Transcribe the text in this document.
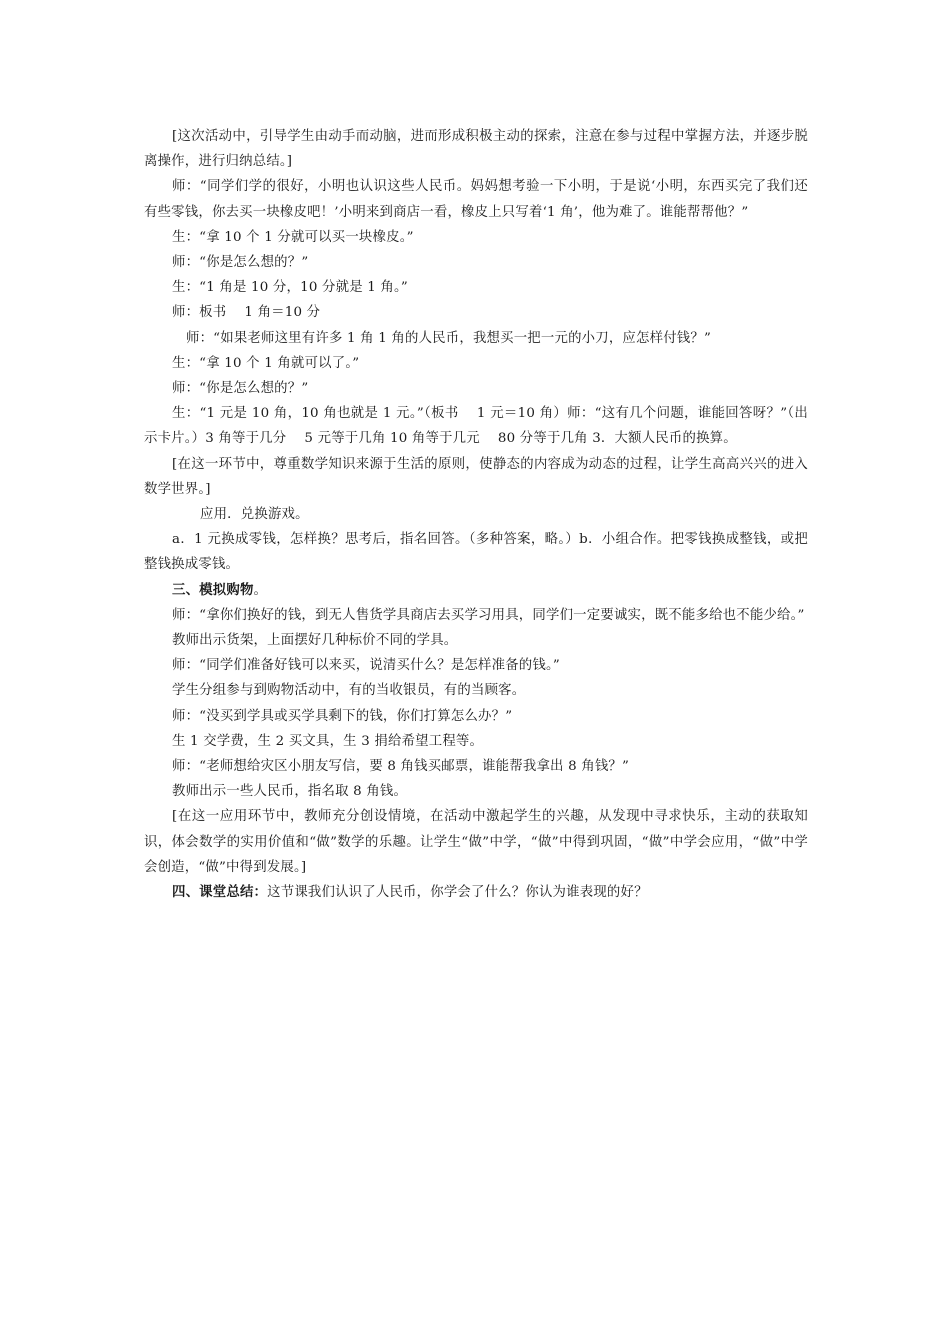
[这次活动中，引导学生由动手而动脑，进而形成积极主动的探索，注意在参与过程中掌握方法，并逐步脱离操作，进行归纳总结。]

师：“同学们学的很好，小明也认识这些人民币。妈妈想考验一下小明，于是说‘小明，东西买完了我们还有些零钱，你去买一块橡皮吧！’小明来到商店一看，橡皮上只写着‘1 角’，他为难了。谁能帮帮他？”

生：“拿 10 个 1 分就可以买一块橡皮。”

师：“你是怎么想的？”

生：“1 角是 10 分，10 分就是 1 角。”

师：板书　 1 角＝10 分

师：“如果老师这里有许多 1 角 1 角的人民币，我想买一把一元的小刀，应怎样付钱？”

生：“拿 10 个 1 角就可以了。”

师：“你是怎么想的？”

生：“1 元是 10 角，10 角也就是 1 元。”（板书　 1 元＝10 角）师：“这有几个问题，谁能回答呀？”（出示卡片。）3 角等于几分　 5 元等于几角 10 角等于几元　 80 分等于几角 3．大额人民币的换算。

[在这一环节中，尊重数学知识来源于生活的原则，使静态的内容成为动态的过程，让学生高高兴兴的进入数学世界。]

应用．兑换游戏。

a．1 元换成零钱，怎样换？思考后，指名回答。（多种答案，略。）b．小组合作。把零钱换成整钱，或把整钱换成零钱。

三、模拟购物。

师：“拿你们换好的钱，到无人售货学具商店去买学习用具，同学们一定要诚实，既不能多给也不能少给。”

教师出示货架，上面摆好几种标价不同的学具。

师：“同学们准备好钱可以来买，说清买什么？是怎样准备的钱。”

学生分组参与到购物活动中，有的当收银员，有的当顾客。

师：“没买到学具或买学具剩下的钱，你们打算怎么办？”

生 1 交学费，生 2 买文具，生 3 捐给希望工程等。

师：“老师想给灾区小朋友写信，要 8 角钱买邮票，谁能帮我拿出 8 角钱？”

教师出示一些人民币，指名取 8 角钱。

[在这一应用环节中，教师充分创设情境，在活动中激起学生的兴趣，从发现中寻求快乐，主动的获取知识，体会数学的实用价值和“做”数学的乐趣。让学生“做”中学，“做”中得到巩固，“做”中学会应用，“做”中学会创造，“做”中得到发展。]

四、课堂总结：这节课我们认识了人民币，你学会了什么？你认为谁表现的好？
